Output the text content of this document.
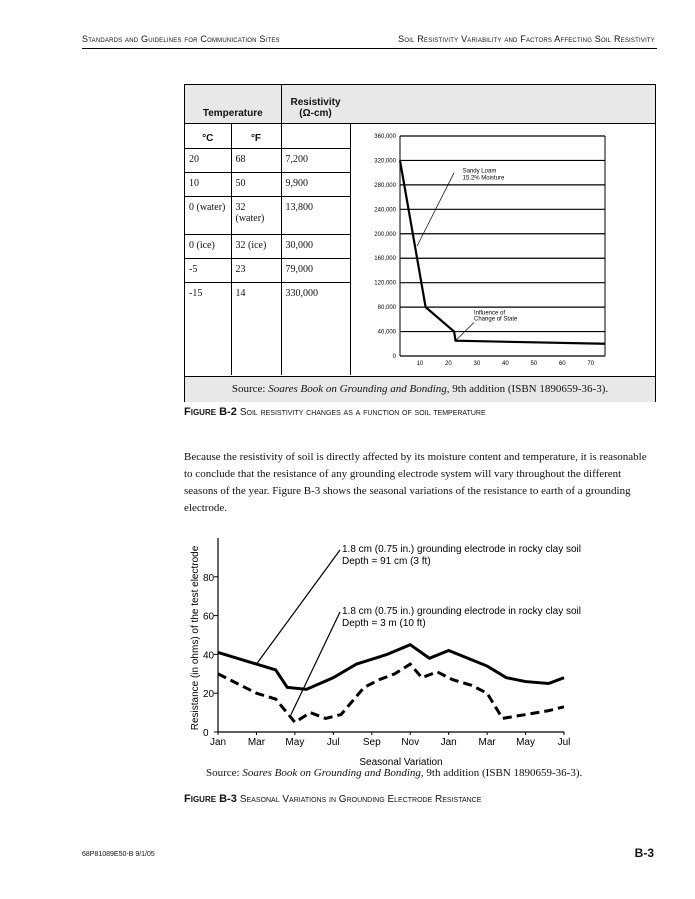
Standards and Guidelines for Communication Sites	Soil Resistivity Variability and Factors Affecting Soil Resistivity
Temperature		Resistivity (Ω-cm)
°C	°F	
20	68	7,200
10	50	9,900
0 (water)	32 (water)	13,800
0 (ice)	32 (ice)	30,000
-5	23	79,000
-15	14	330,000
360,000
320,000
280,000
240,000
200,000
160,000
120,000
80,000
40,000
0
10	20	30	40	50	60	70
Sandy Loam
15.2% Moisture
Influence of
Change of State
Source: Soares Book on Grounding and Bonding, 9th addition (ISBN 1890659-36-3).
Figure B-2 Soil resistivity changes as a function of soil temperature
Because the resistivity of soil is directly affected by its moisture content and temperature, it is reasonable to conclude that the resistance of any grounding electrode system will vary throughout the different seasons of the year. Figure B-3 shows the seasonal variations of the resistance to earth of a grounding electrode.
0
20
40
60
80
Jan Mar May Jul Sep Nov Jan Mar May Jul
Seasonal Variation
Resistance (in ohms) of the test electrode	1.8 cm (0.75 in.) grounding electrode in rocky clay soil
Depth = 91 cm (3 ft)
1.8 cm (0.75 in.) grounding electrode in rocky clay soil
Depth = 3 m (10 ft)
Source: Soares Book on Grounding and Bonding, 9th addition (ISBN 1890659-36-3).
Figure B-3 Seasonal Variations in Grounding Electrode Resistance
68P81089E50-B 9/1/05	B-3
